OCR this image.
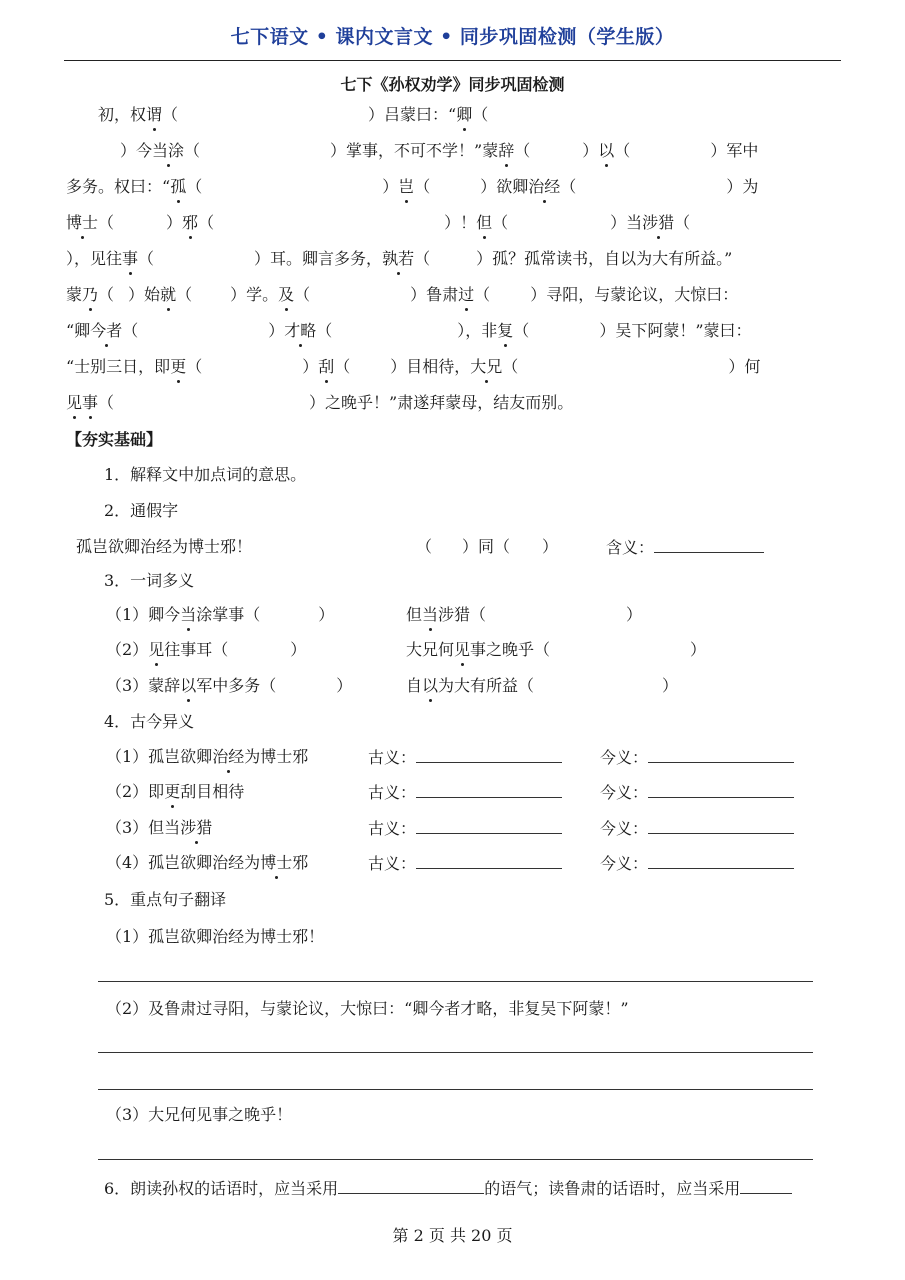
七下语文 • 课内文言文 • 同步巩固检测（学生版）
七下《孙权劝学》同步巩固检测
初，权谓（	）吕蒙曰：“卿（
）今当涂（	）掌事，不可不学！”蒙辞（	）以（	）军中
多务。权曰：“孤（	）岂（	）欲卿治经（	）为
博士（	）邪（	）！但（	）当涉猎（
），见往事（	）耳。卿言多务，孰若（	）孤？孤常读书，自以为大有所益。”
蒙乃（ ）始就（ ）学。及（	）鲁肃过（	）寻阳，与蒙论议，大惊曰：
“卿今者（	）才略（	），非复（	）吴下阿蒙！”蒙曰：
“士别三日，即更（	）刮（	）目相待，大兄（	）何
见事（	）之晚乎！”肃遂拜蒙母，结友而别。
【夯实基础】
1．解释文中加点词的意思。
2．通假字
孤岂欲卿治经为博士邪！	（ ）同（ ）	含义：
3．一词多义
（1）卿今当涂掌事（	）	但当涉猎（	）
（2）见往事耳（	）	大兄何见事之晚乎（	）
（3）蒙辞以军中多务（	）	自以为大有所益（	）
4．古今异义
（1）孤岂欲卿治经为博士邪	古义：	今义：
（2）即更刮目相待	古义：	今义：
（3）但当涉猎	古义：	今义：
（4）孤岂欲卿治经为博士邪	古义：	今义：
5．重点句子翻译
（1）孤岂欲卿治经为博士邪！
（2）及鲁肃过寻阳，与蒙论议，大惊曰：“卿今者才略，非复吴下阿蒙！”
（3）大兄何见事之晚乎！
6．朗读孙权的话语时，应当采用	的语气；读鲁肃的话语时，应当采用
第 2 页 共 20 页
